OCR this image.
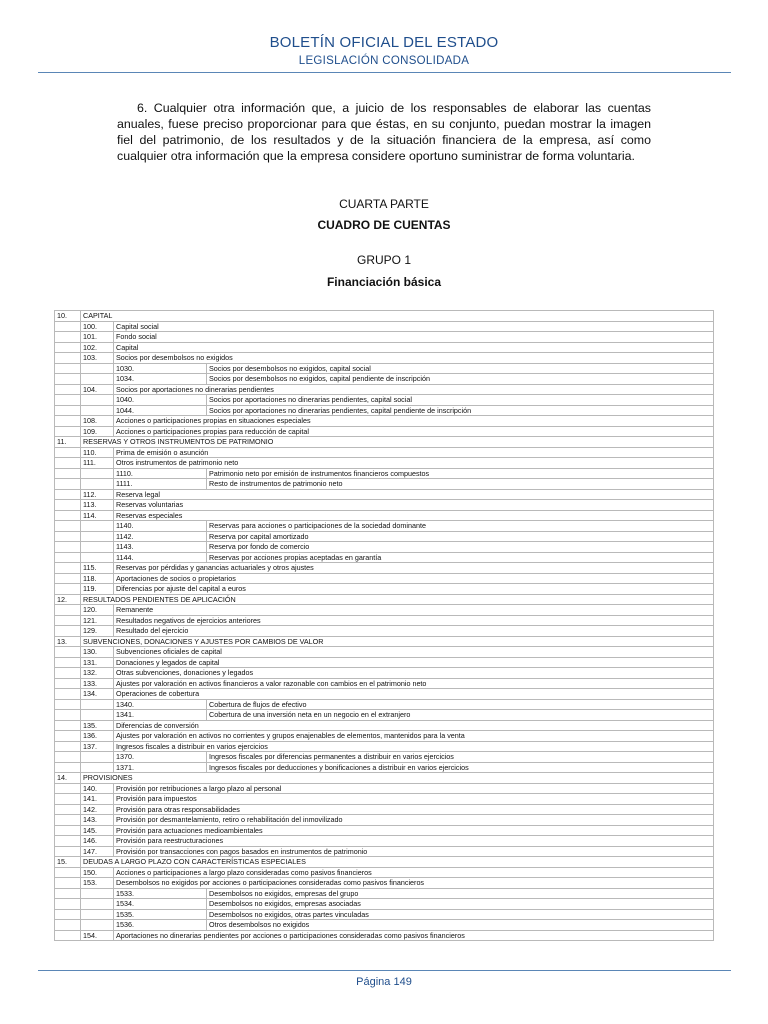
BOLETÍN OFICIAL DEL ESTADO
LEGISLACIÓN CONSOLIDADA

6. Cualquier otra información que, a juicio de los responsables de elaborar las cuentas anuales, fuese preciso proporcionar para que éstas, en su conjunto, puedan mostrar la imagen fiel del patrimonio, de los resultados y de la situación financiera de la empresa, así como cualquier otra información que la empresa considere oportuno suministrar de forma voluntaria.

CUARTA PARTE
CUADRO DE CUENTAS
GRUPO 1
Financiación básica
10.	CAPITAL		
	100.	Capital social	
	101.	Fondo social	
	102.	Capital	
	103.	Socios por desembolsos no exigidos	
		1030.	Socios por desembolsos no exigidos, capital social
		1034.	Socios por desembolsos no exigidos, capital pendiente de inscripción
	104.	Socios por aportaciones no dinerarias pendientes	
		1040.	Socios por aportaciones no dinerarias pendientes, capital social
		1044.	Socios por aportaciones no dinerarias pendientes, capital pendiente de inscripción
	108.	Acciones o participaciones propias en situaciones especiales	
	109.	Acciones o participaciones propias para reducción de capital	
11.	RESERVAS Y OTROS INSTRUMENTOS DE PATRIMONIO		
	110.	Prima de emisión o asunción	
	111.	Otros instrumentos de patrimonio neto	
		1110.	Patrimonio neto por emisión de instrumentos financieros compuestos
		1111.	Resto de instrumentos de patrimonio neto
	112.	Reserva legal	
	113.	Reservas voluntarias	
	114.	Reservas especiales	
		1140.	Reservas para acciones o participaciones de la sociedad dominante
		1142.	Reserva por capital amortizado
		1143.	Reserva por fondo de comercio
		1144.	Reservas por acciones propias aceptadas en garantía
	115.	Reservas por pérdidas y ganancias actuariales y otros ajustes	
	118.	Aportaciones de socios o propietarios	
	119.	Diferencias por ajuste del capital a euros	
12.	RESULTADOS PENDIENTES DE APLICACIÓN		
	120.	Remanente	
	121.	Resultados negativos de ejercicios anteriores	
	129.	Resultado del ejercicio	
13.	SUBVENCIONES, DONACIONES Y AJUSTES POR CAMBIOS DE VALOR		
	130.	Subvenciones oficiales de capital	
	131.	Donaciones y legados de capital	
	132.	Otras subvenciones, donaciones y legados	
	133.	Ajustes por valoración en activos financieros a valor razonable con cambios en el patrimonio neto	
	134.	Operaciones de cobertura	
		1340.	Cobertura de flujos de efectivo
		1341.	Cobertura de una inversión neta en un negocio en el extranjero
	135.	Diferencias de conversión	
	136.	Ajustes por valoración en activos no corrientes y grupos enajenables de elementos, mantenidos para la venta	
	137.	Ingresos fiscales a distribuir en varios ejercicios	
		1370.	Ingresos fiscales por diferencias permanentes a distribuir en varios ejercicios
		1371.	Ingresos fiscales por deducciones y bonificaciones a distribuir en varios ejercicios
14.	PROVISIONES		
	140.	Provisión por retribuciones a largo plazo al personal	
	141.	Provisión para impuestos	
	142.	Provisión para otras responsabilidades	
	143.	Provisión por desmantelamiento, retiro o rehabilitación del inmovilizado	
	145.	Provisión para actuaciones medioambientales	
	146.	Provisión para reestructuraciones	
	147.	Provisión por transacciones con pagos basados en instrumentos de patrimonio	
15.	DEUDAS A LARGO PLAZO CON CARACTERÍSTICAS ESPECIALES		
	150.	Acciones o participaciones a largo plazo consideradas como pasivos financieros	
	153.	Desembolsos no exigidos por acciones o participaciones consideradas como pasivos financieros	
		1533.	Desembolsos no exigidos, empresas del grupo
		1534.	Desembolsos no exigidos, empresas asociadas
		1535.	Desembolsos no exigidos, otras partes vinculadas
		1536.	Otros desembolsos no exigidos
	154.	Aportaciones no dinerarias pendientes por acciones o participaciones consideradas como pasivos financieros	
Página 149
